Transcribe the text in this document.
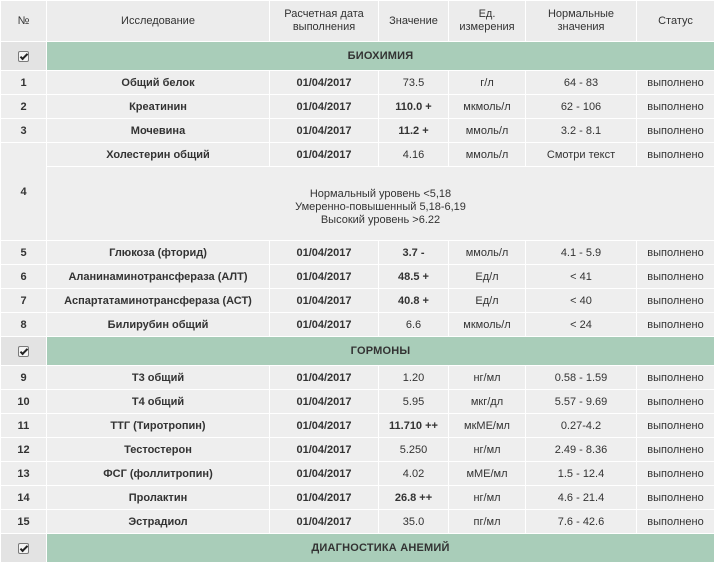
№	Исследование	Расчетная дата выполнения	Значение	Ед. измерения	Нормальные значения	Статус
	БИОХИМИЯ					
1	Общий белок	01/04/2017	73.5	г/л	64 - 83	выполнено
2	Креатинин	01/04/2017	110.0 +	мкмоль/л	62 - 106	выполнено
3	Мочевина	01/04/2017	11.2 +	ммоль/л	3.2 - 8.1	выполнено
4	Холестерин общий	01/04/2017	4.16	ммоль/л	Смотри текст	выполнено

	Нормальный уровень <5,18
Умеренно-повышенный 5,18-6,19
Высокий уровень >6.22					

5	Глюкоза (фторид)	01/04/2017	3.7 -	ммоль/л	4.1 - 5.9	выполнено
6	Аланинаминотрансфераза (АЛТ)	01/04/2017	48.5 +	Ед/л	< 41	выполнено
7	Аспартатаминотрансфераза (АСТ)	01/04/2017	40.8 +	Ед/л	< 40	выполнено
8	Билирубин общий	01/04/2017	6.6	мкмоль/л	< 24	выполнено
	ГОРМОНЫ					
9	Т3 общий	01/04/2017	1.20	нг/мл	0.58 - 1.59	выполнено
10	Т4 общий	01/04/2017	5.95	мкг/дл	5.57 - 9.69	выполнено
11	ТТГ (Тиротропин)	01/04/2017	11.710 ++	мкМЕ/мл	0.27-4.2	выполнено
12	Тестостерон	01/04/2017	5.250	нг/мл	2.49 - 8.36	выполнено
13	ФСГ (фоллитропин)	01/04/2017	4.02	мМЕ/мл	1.5 - 12.4	выполнено
14	Пролактин	01/04/2017	26.8 ++	нг/мл	4.6 - 21.4	выполнено
15	Эстрадиол	01/04/2017	35.0	пг/мл	7.6 - 42.6	выполнено
	ДИАГНОСТИКА АНЕМИЙ					
